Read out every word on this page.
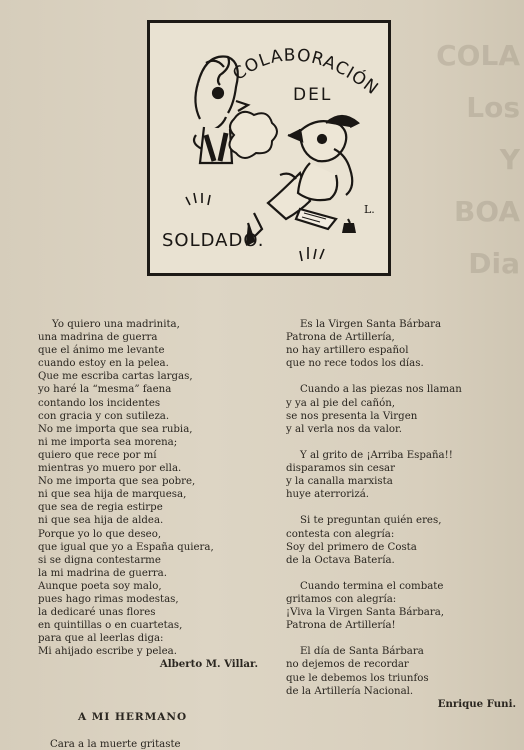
COLA
Los
Y
BOA
Dia
COLABORACIÓN
L.
DEL
SOLDADO.
Yo quiero una madrinita,
una madrina de guerra
que el ánimo me levante
cuando estoy en la pelea.
Que me escriba cartas largas,
yo haré la “mesma” faena
contando los incidentes
con gracia y con sutileza.
No me importa que sea rubia,
ni me importa sea morena;
quiero que rece por mí
mientras yo muero por ella.
No me importa que sea pobre,
ni que sea hija de marquesa,
que sea de regia estirpe
ni que sea hija de aldea.
Porque yo lo que deseo,
que igual que yo a España quiera,
si se digna contestarme
la mi madrina de guerra.
Aunque poeta soy malo,
pues hago rimas modestas,
la dedicaré unas flores
en quintillas o en cuartetas,
para que al leerlas diga:
Mi ahijado escribe y pelea.
Alberto M. Villar.
A MI HERMANO
Cara a la muerte gritaste
Es la Virgen Santa Bárbara
Patrona de Artillería,
no hay artillero español
que no rece todos los días.
Cuando a las piezas nos llaman
y ya al pie del cañón,
se nos presenta la Virgen
y al verla nos da valor.
Y al grito de ¡Arriba España!!
disparamos sin cesar
y la canalla marxista
huye aterrorizá.
Si te preguntan quién eres,
contesta con alegría:
Soy del primero de Costa
de la Octava Batería.
Cuando termina el combate
gritamos con alegría:
¡Viva la Virgen Santa Bárbara,
Patrona de Artillería!
El día de Santa Bárbara
no dejemos de recordar
que le debemos los triunfos
de la Artillería Nacional.
Enrique Funi.
